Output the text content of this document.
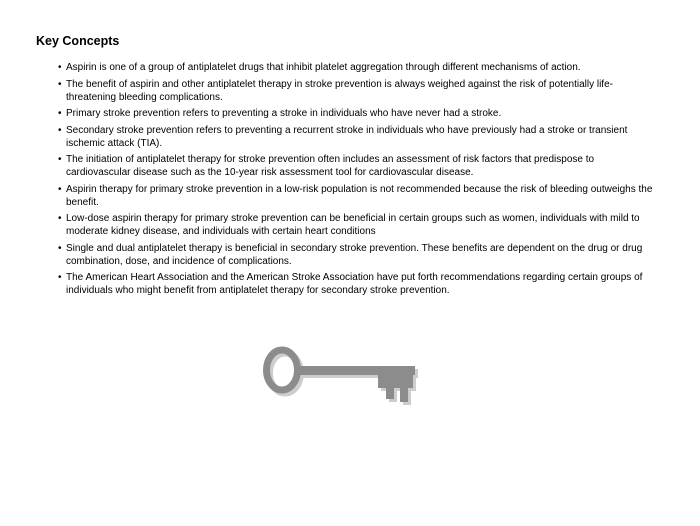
Key Concepts
• Aspirin is one of a group of antiplatelet drugs that inhibit platelet aggregation through different mechanisms of action.
• The benefit of aspirin and other antiplatelet therapy in stroke prevention is always weighed against the risk of potentially life-threatening bleeding complications.
• Primary stroke prevention refers to preventing a stroke in individuals who have never had a stroke.
• Secondary stroke prevention refers to preventing a recurrent stroke in individuals who have previously had a stroke or transient ischemic attack (TIA).
• The initiation of antiplatelet therapy for stroke prevention often includes an assessment of risk factors that predispose to cardiovascular disease such as the 10-year risk assessment tool for cardiovascular disease.
• Aspirin therapy for primary stroke prevention in a low-risk population is not recommended because the risk of bleeding outweighs the benefit.
• Low-dose aspirin therapy for primary stroke prevention can be beneficial in certain groups such as women, individuals with mild to moderate kidney disease, and individuals with certain heart conditions
• Single and dual antiplatelet therapy is beneficial in secondary stroke prevention. These benefits are dependent on the drug or drug combination, dose, and incidence of complications.
• The American Heart Association and the American Stroke Association have put forth recommendations regarding certain groups of individuals who might benefit from antiplatelet therapy for secondary stroke prevention.
